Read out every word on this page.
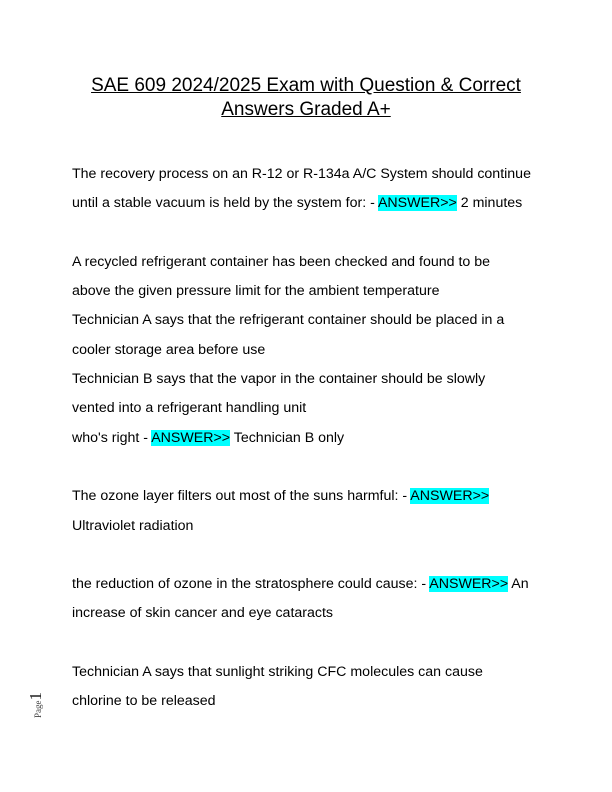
SAE 609 2024/2025 Exam with Question & Correct
Answers Graded A+
The recovery process on an R-12 or R-134a A/C System should continue
until a stable vacuum is held by the system for: - ANSWER>> 2 minutes
A recycled refrigerant container has been checked and found to be
above the given pressure limit for the ambient temperature
Technician A says that the refrigerant container should be placed in a
cooler storage area before use
Technician B says that the vapor in the container should be slowly
vented into a refrigerant handling unit
who's right - ANSWER>> Technician B only
The ozone layer filters out most of the suns harmful: - ANSWER>>
Ultraviolet radiation
the reduction of ozone in the stratosphere could cause: - ANSWER>> An
increase of skin cancer and eye cataracts
Technician A says that sunlight striking CFC molecules can cause
chlorine to be released
Page1
